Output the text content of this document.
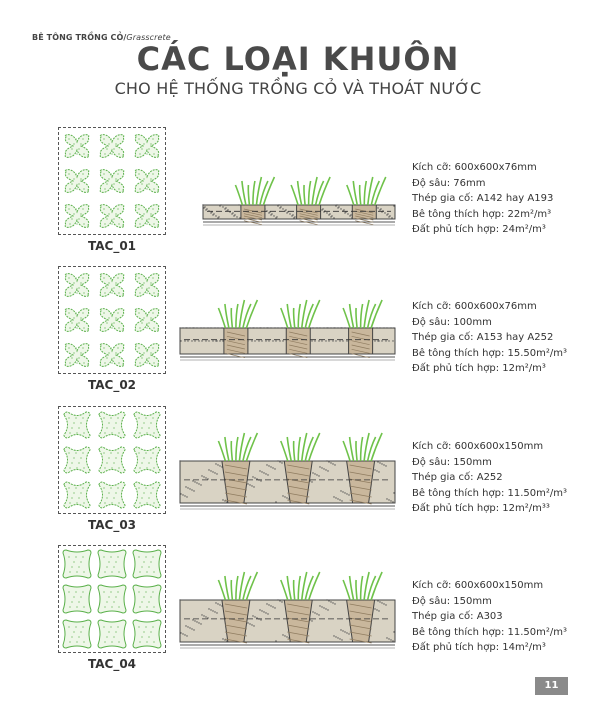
BÊ TÔNG TRỒNG CỎ/Grasscrete
CÁC LOẠI KHUÔN
CHO HỆ THỐNG TRỒNG CỎ VÀ THOÁT NƯỚC
TAC_01
Kích cỡ: 600x600x76mm
Độ sâu: 76mm
Thép gia cố: A142 hay A193
Bê tông thích hợp: 22m²/m³
Đất phủ tích hợp: 24m²/m³
TAC_02
Kích cỡ: 600x600x76mm
Độ sâu: 100mm
Thép gia cố: A153 hay A252
Bê tông thích hợp: 15.50m²/m³
Đất phủ tích hợp: 12m²/m³
TAC_03
Kích cỡ: 600x600x150mm
Độ sâu: 150mm
Thép gia cố: A252
Bê tông thích hợp: 11.50m²/m³
Đất phủ tích hợp: 12m²/m³³
TAC_04
Kích cỡ: 600x600x150mm
Độ sâu: 150mm
Thép gia cố: A303
Bê tông thích hợp: 11.50m²/m³
Đất phủ tích hợp: 14m²/m³
11
